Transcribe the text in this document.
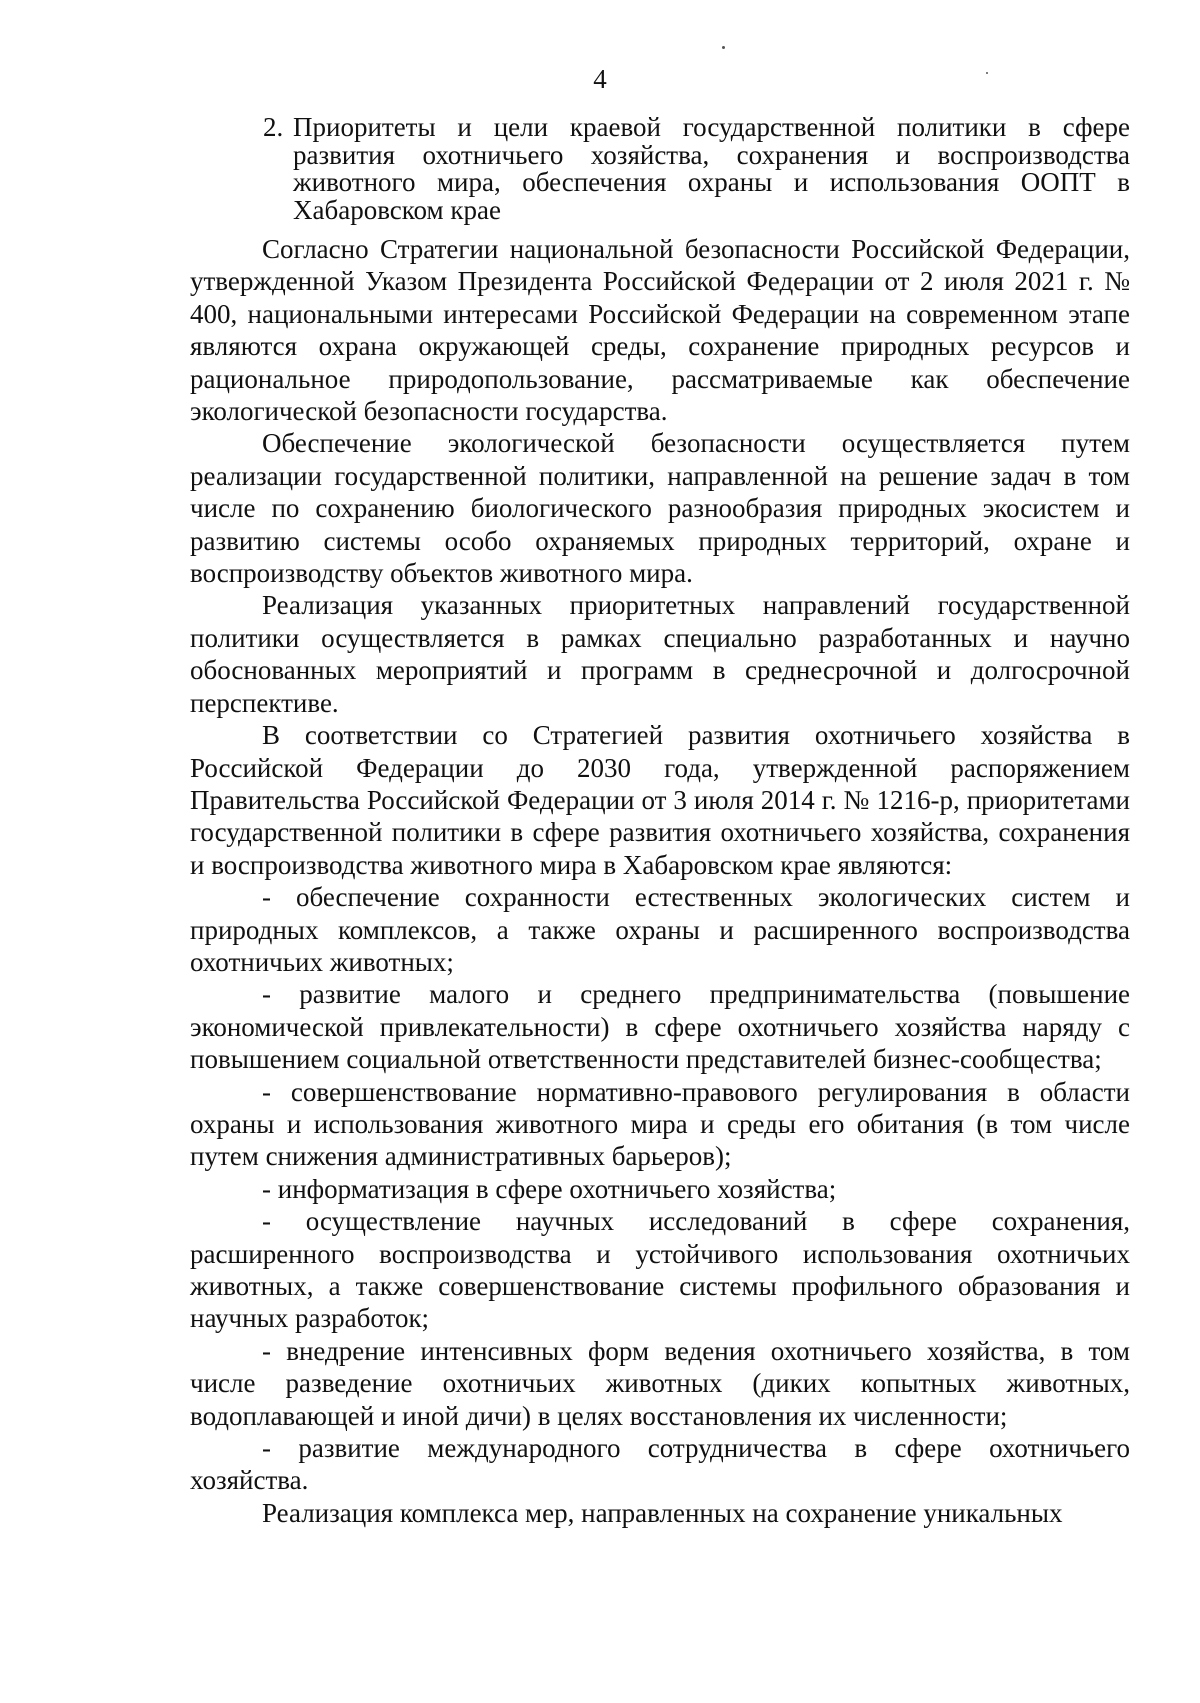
4
2. Приоритеты и цели краевой государственной политики в сфере развития охотничьего хозяйства, сохранения и воспроизводства животного мира, обеспечения охраны и использования ООПТ в Хабаровском крае

Согласно Стратегии национальной безопасности Российской Федерации, утвержденной Указом Президента Российской Федерации от 2 июля 2021 г. № 400, национальными интересами Российской Федерации на современном этапе являются охрана окружающей среды, сохранение природных ресурсов и рациональное природопользование, рассматриваемые как обеспечение экологической безопасности государства.

Обеспечение экологической безопасности осуществляется путем реализации государственной политики, направленной на решение задач в том числе по сохранению биологического разнообразия природных экосистем и развитию системы особо охраняемых природных территорий, охране и воспроизводству объектов животного мира.

Реализация указанных приоритетных направлений государственной политики осуществляется в рамках специально разработанных и научно обоснованных мероприятий и программ в среднесрочной и долгосрочной перспективе.

В соответствии со Стратегией развития охотничьего хозяйства в Российской Федерации до 2030 года, утвержденной распоряжением Правительства Российской Федерации от 3 июля 2014 г. № 1216-р, приоритетами государственной политики в сфере развития охотничьего хозяйства, сохранения и воспроизводства животного мира в Хабаровском крае являются:

- обеспечение сохранности естественных экологических систем и природных комплексов, а также охраны и расширенного воспроизводства охотничьих животных;

- развитие малого и среднего предпринимательства (повышение экономической привлекательности) в сфере охотничьего хозяйства наряду с повышением социальной ответственности представителей бизнес-сообщества;

- совершенствование нормативно-правового регулирования в области охраны и использования животного мира и среды его обитания (в том числе путем снижения административных барьеров);

- информатизация в сфере охотничьего хозяйства;

- осуществление научных исследований в сфере сохранения, расширенного воспроизводства и устойчивого использования охотничьих животных, а также совершенствование системы профильного образования и научных разработок;

- внедрение интенсивных форм ведения охотничьего хозяйства, в том числе разведение охотничьих животных (диких копытных животных, водоплавающей и иной дичи) в целях восстановления их численности;

- развитие международного сотрудничества в сфере охотничьего хозяйства.

Реализация комплекса мер, направленных на сохранение уникальных
